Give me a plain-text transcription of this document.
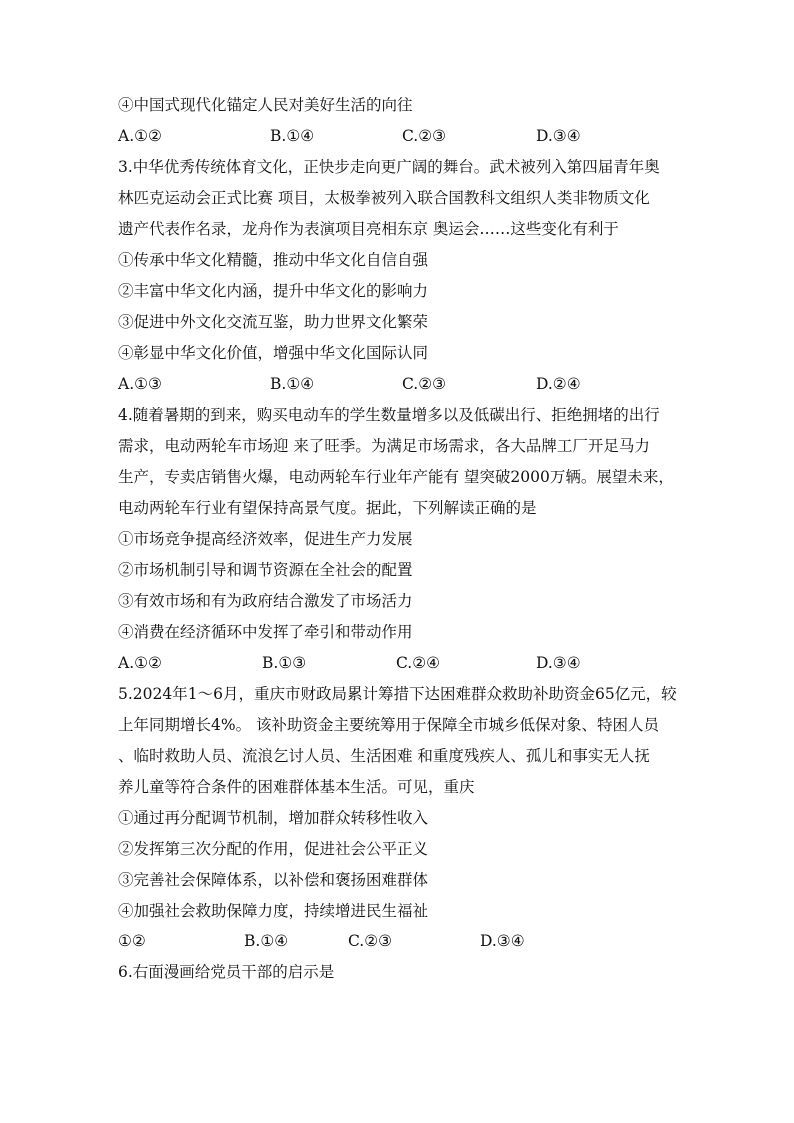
④中国式现代化锚定人民对美好生活的向往
A.①②	B.①④	C.②③	D.③④
3.中华优秀传统体育文化，正快步走向更广阔的舞台。武术被列入第四届青年奥
林匹克运动会正式比赛 项目，太极拳被列入联合国教科文组织人类非物质文化
遗产代表作名录，龙舟作为表演项目亮相东京 奥运会……这些变化有利于
①传承中华文化精髓，推动中华文化自信自强
②丰富中华文化内涵，提升中华文化的影响力
③促进中外文化交流互鉴，助力世界文化繁荣
④彰显中华文化价值，增强中华文化国际认同
A.①③	B.①④	C.②③	D.②④
4.随着暑期的到来，购买电动车的学生数量增多以及低碳出行、拒绝拥堵的出行
需求，电动两轮车市场迎 来了旺季。为满足市场需求，各大品牌工厂开足马力
生产，专卖店销售火爆，电动两轮车行业年产能有 望突破2000万辆。展望未来，
电动两轮车行业有望保持高景气度。据此，下列解读正确的是
①市场竞争提高经济效率，促进生产力发展
②市场机制引导和调节资源在全社会的配置
③有效市场和有为政府结合激发了市场活力
④消费在经济循环中发挥了牵引和带动作用
A.①②	B.①③	C.②④	D.③④
5.2024年1～6月，重庆市财政局累计筹措下达困难群众救助补助资金65亿元，较
上年同期增长4%。 该补助资金主要统筹用于保障全市城乡低保对象、特困人员
、临时救助人员、流浪乞讨人员、生活困难 和重度残疾人、孤儿和事实无人抚
养儿童等符合条件的困难群体基本生活。可见，重庆
①通过再分配调节机制，增加群众转移性收入
②发挥第三次分配的作用，促进社会公平正义
③完善社会保障体系，以补偿和褒扬困难群体
④加强社会救助保障力度，持续增进民生福祉
①②	B.①④	C.②③	D.③④
6.右面漫画给党员干部的启示是
